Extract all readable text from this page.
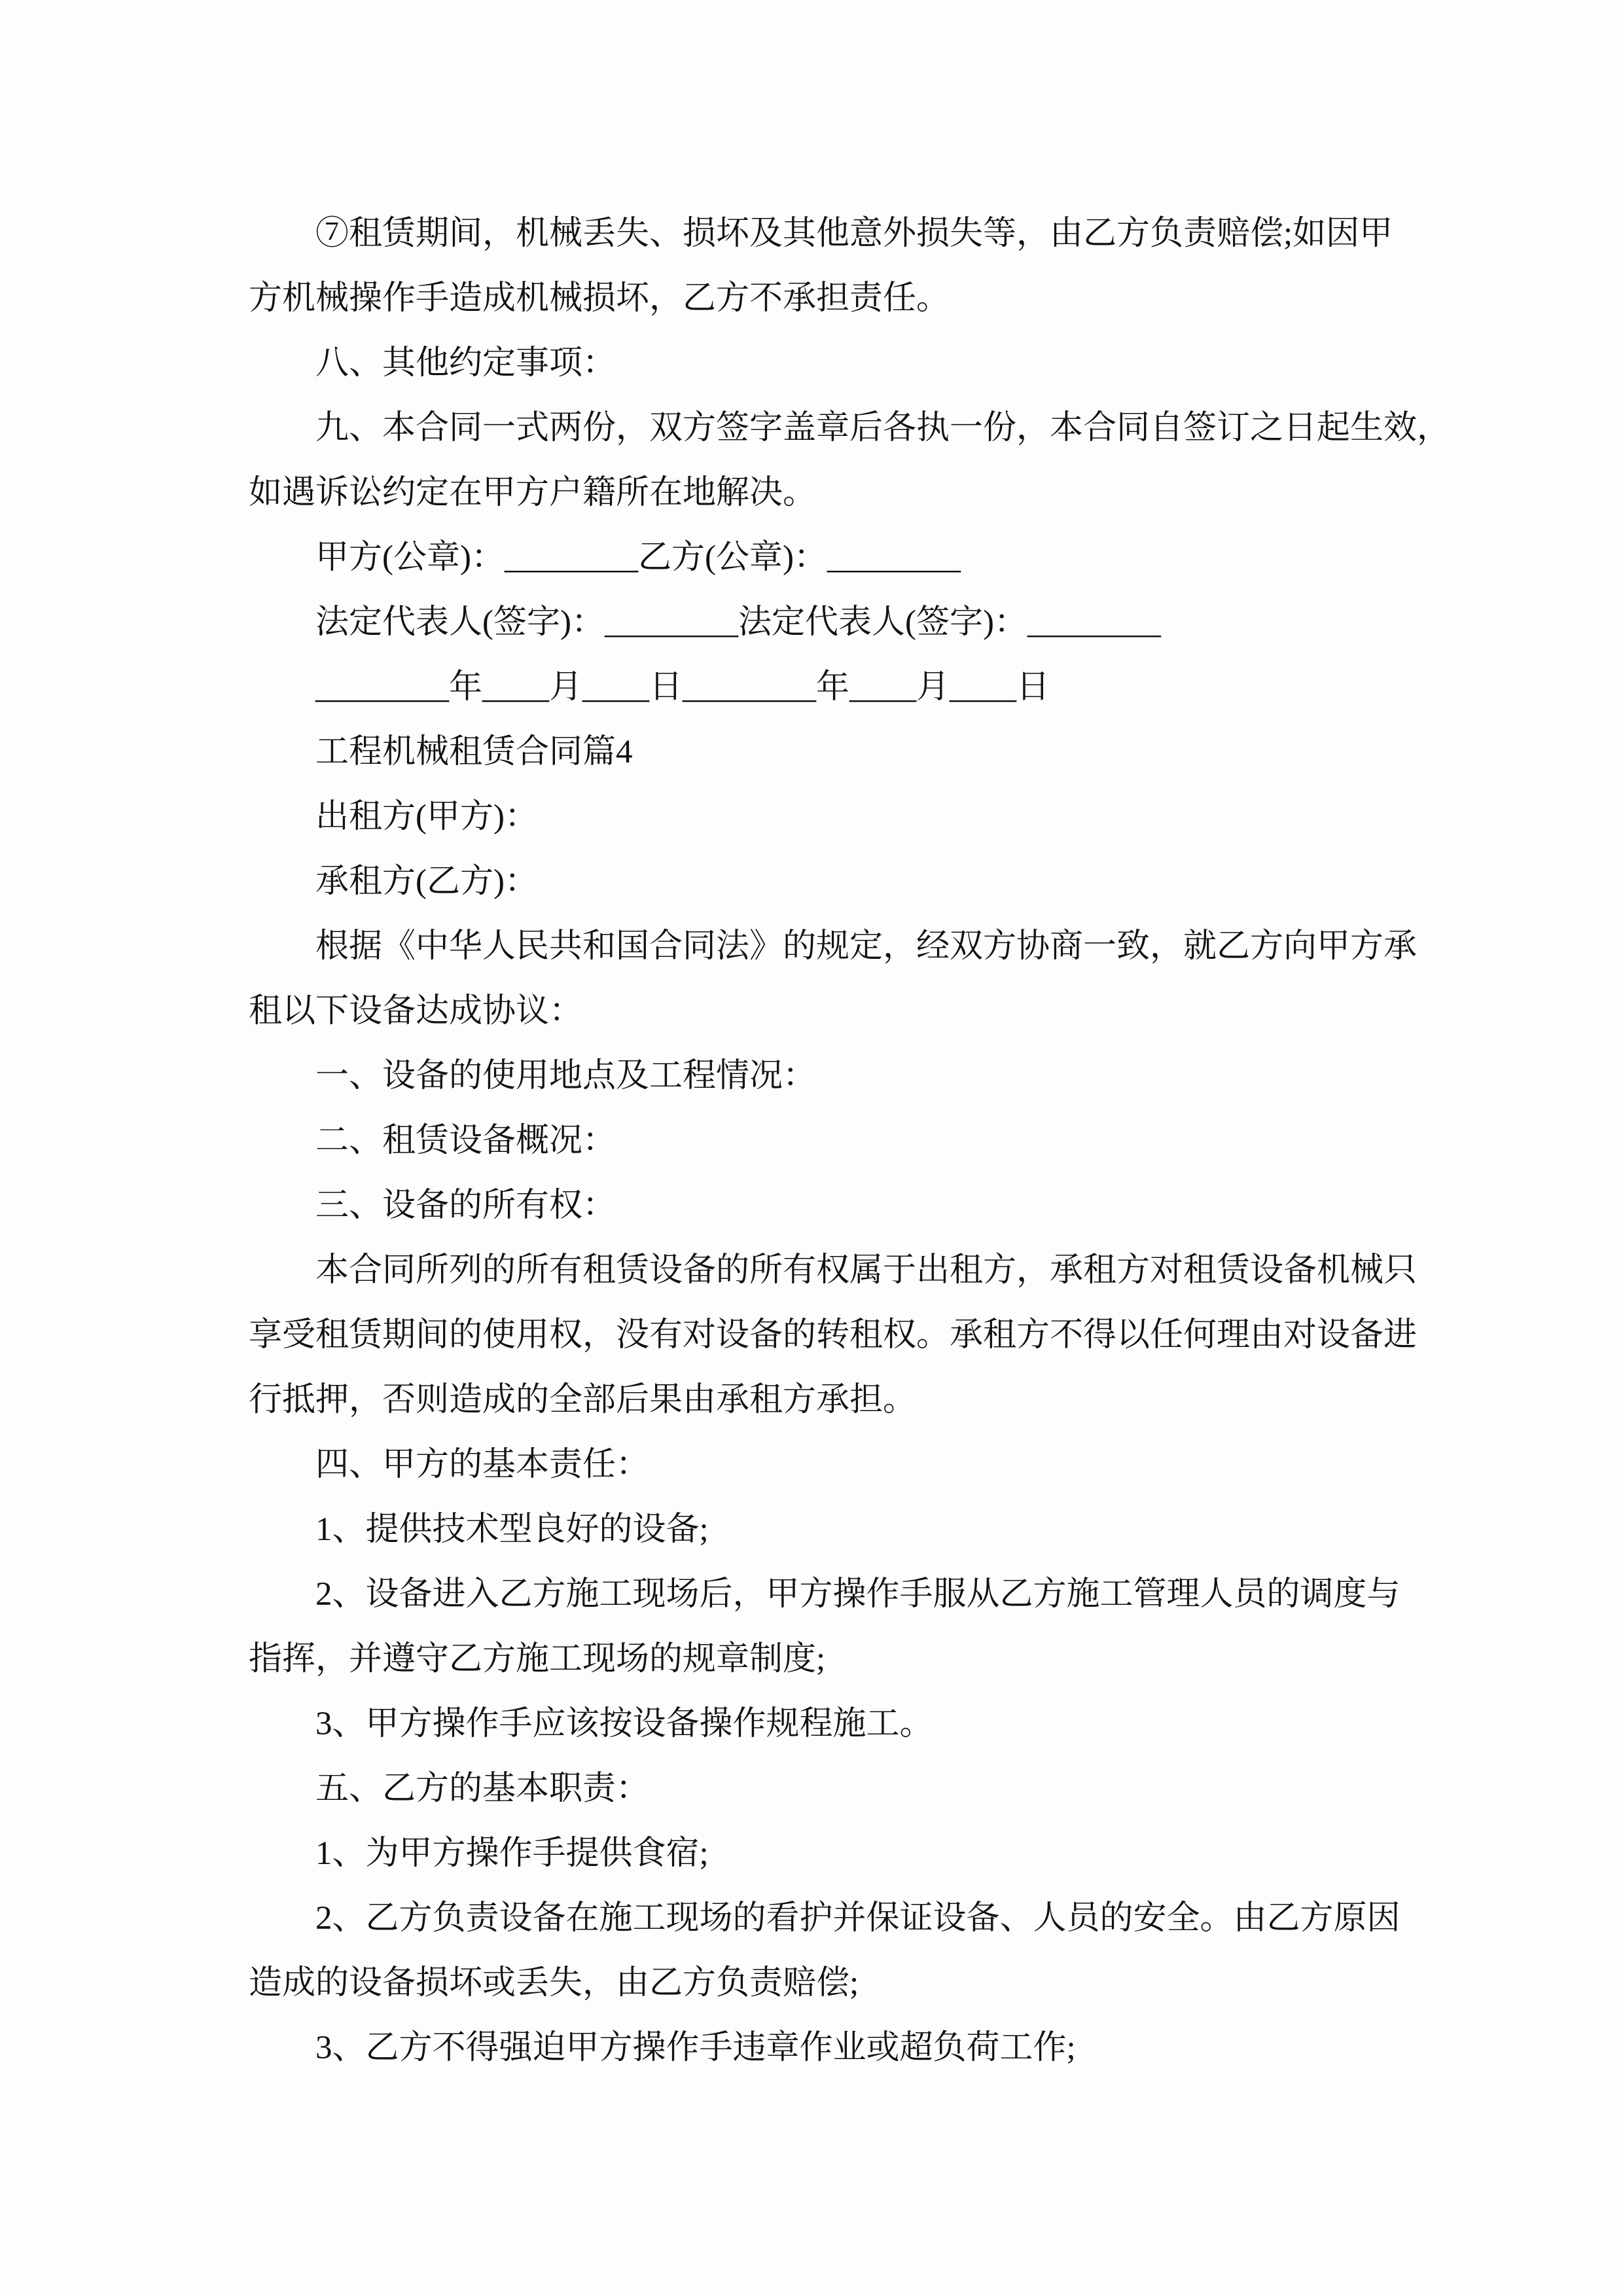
⑦租赁期间，机械丢失、损坏及其他意外损失等，由乙方负责赔偿;如因甲
方机械操作手造成机械损坏，乙方不承担责任。
八、其他约定事项：
九、本合同一式两份，双方签字盖章后各执一份，本合同自签订之日起生效，
如遇诉讼约定在甲方户籍所在地解决。
甲方(公章)：________乙方(公章)：________
法定代表人(签字)：________法定代表人(签字)：________
________年____月____日________年____月____日
工程机械租赁合同篇4
出租方(甲方)：
承租方(乙方)：
根据《中华人民共和国合同法》的规定，经双方协商一致，就乙方向甲方承
租以下设备达成协议：
一、设备的使用地点及工程情况：
二、租赁设备概况：
三、设备的所有权：
本合同所列的所有租赁设备的所有权属于出租方，承租方对租赁设备机械只
享受租赁期间的使用权，没有对设备的转租权。承租方不得以任何理由对设备进
行抵押，否则造成的全部后果由承租方承担。
四、甲方的基本责任：
1、提供技术型良好的设备;
2、设备进入乙方施工现场后，甲方操作手服从乙方施工管理人员的调度与
指挥，并遵守乙方施工现场的规章制度;
3、甲方操作手应该按设备操作规程施工。
五、乙方的基本职责：
1、为甲方操作手提供食宿;
2、乙方负责设备在施工现场的看护并保证设备、人员的安全。由乙方原因
造成的设备损坏或丢失，由乙方负责赔偿;
3、乙方不得强迫甲方操作手违章作业或超负荷工作;
